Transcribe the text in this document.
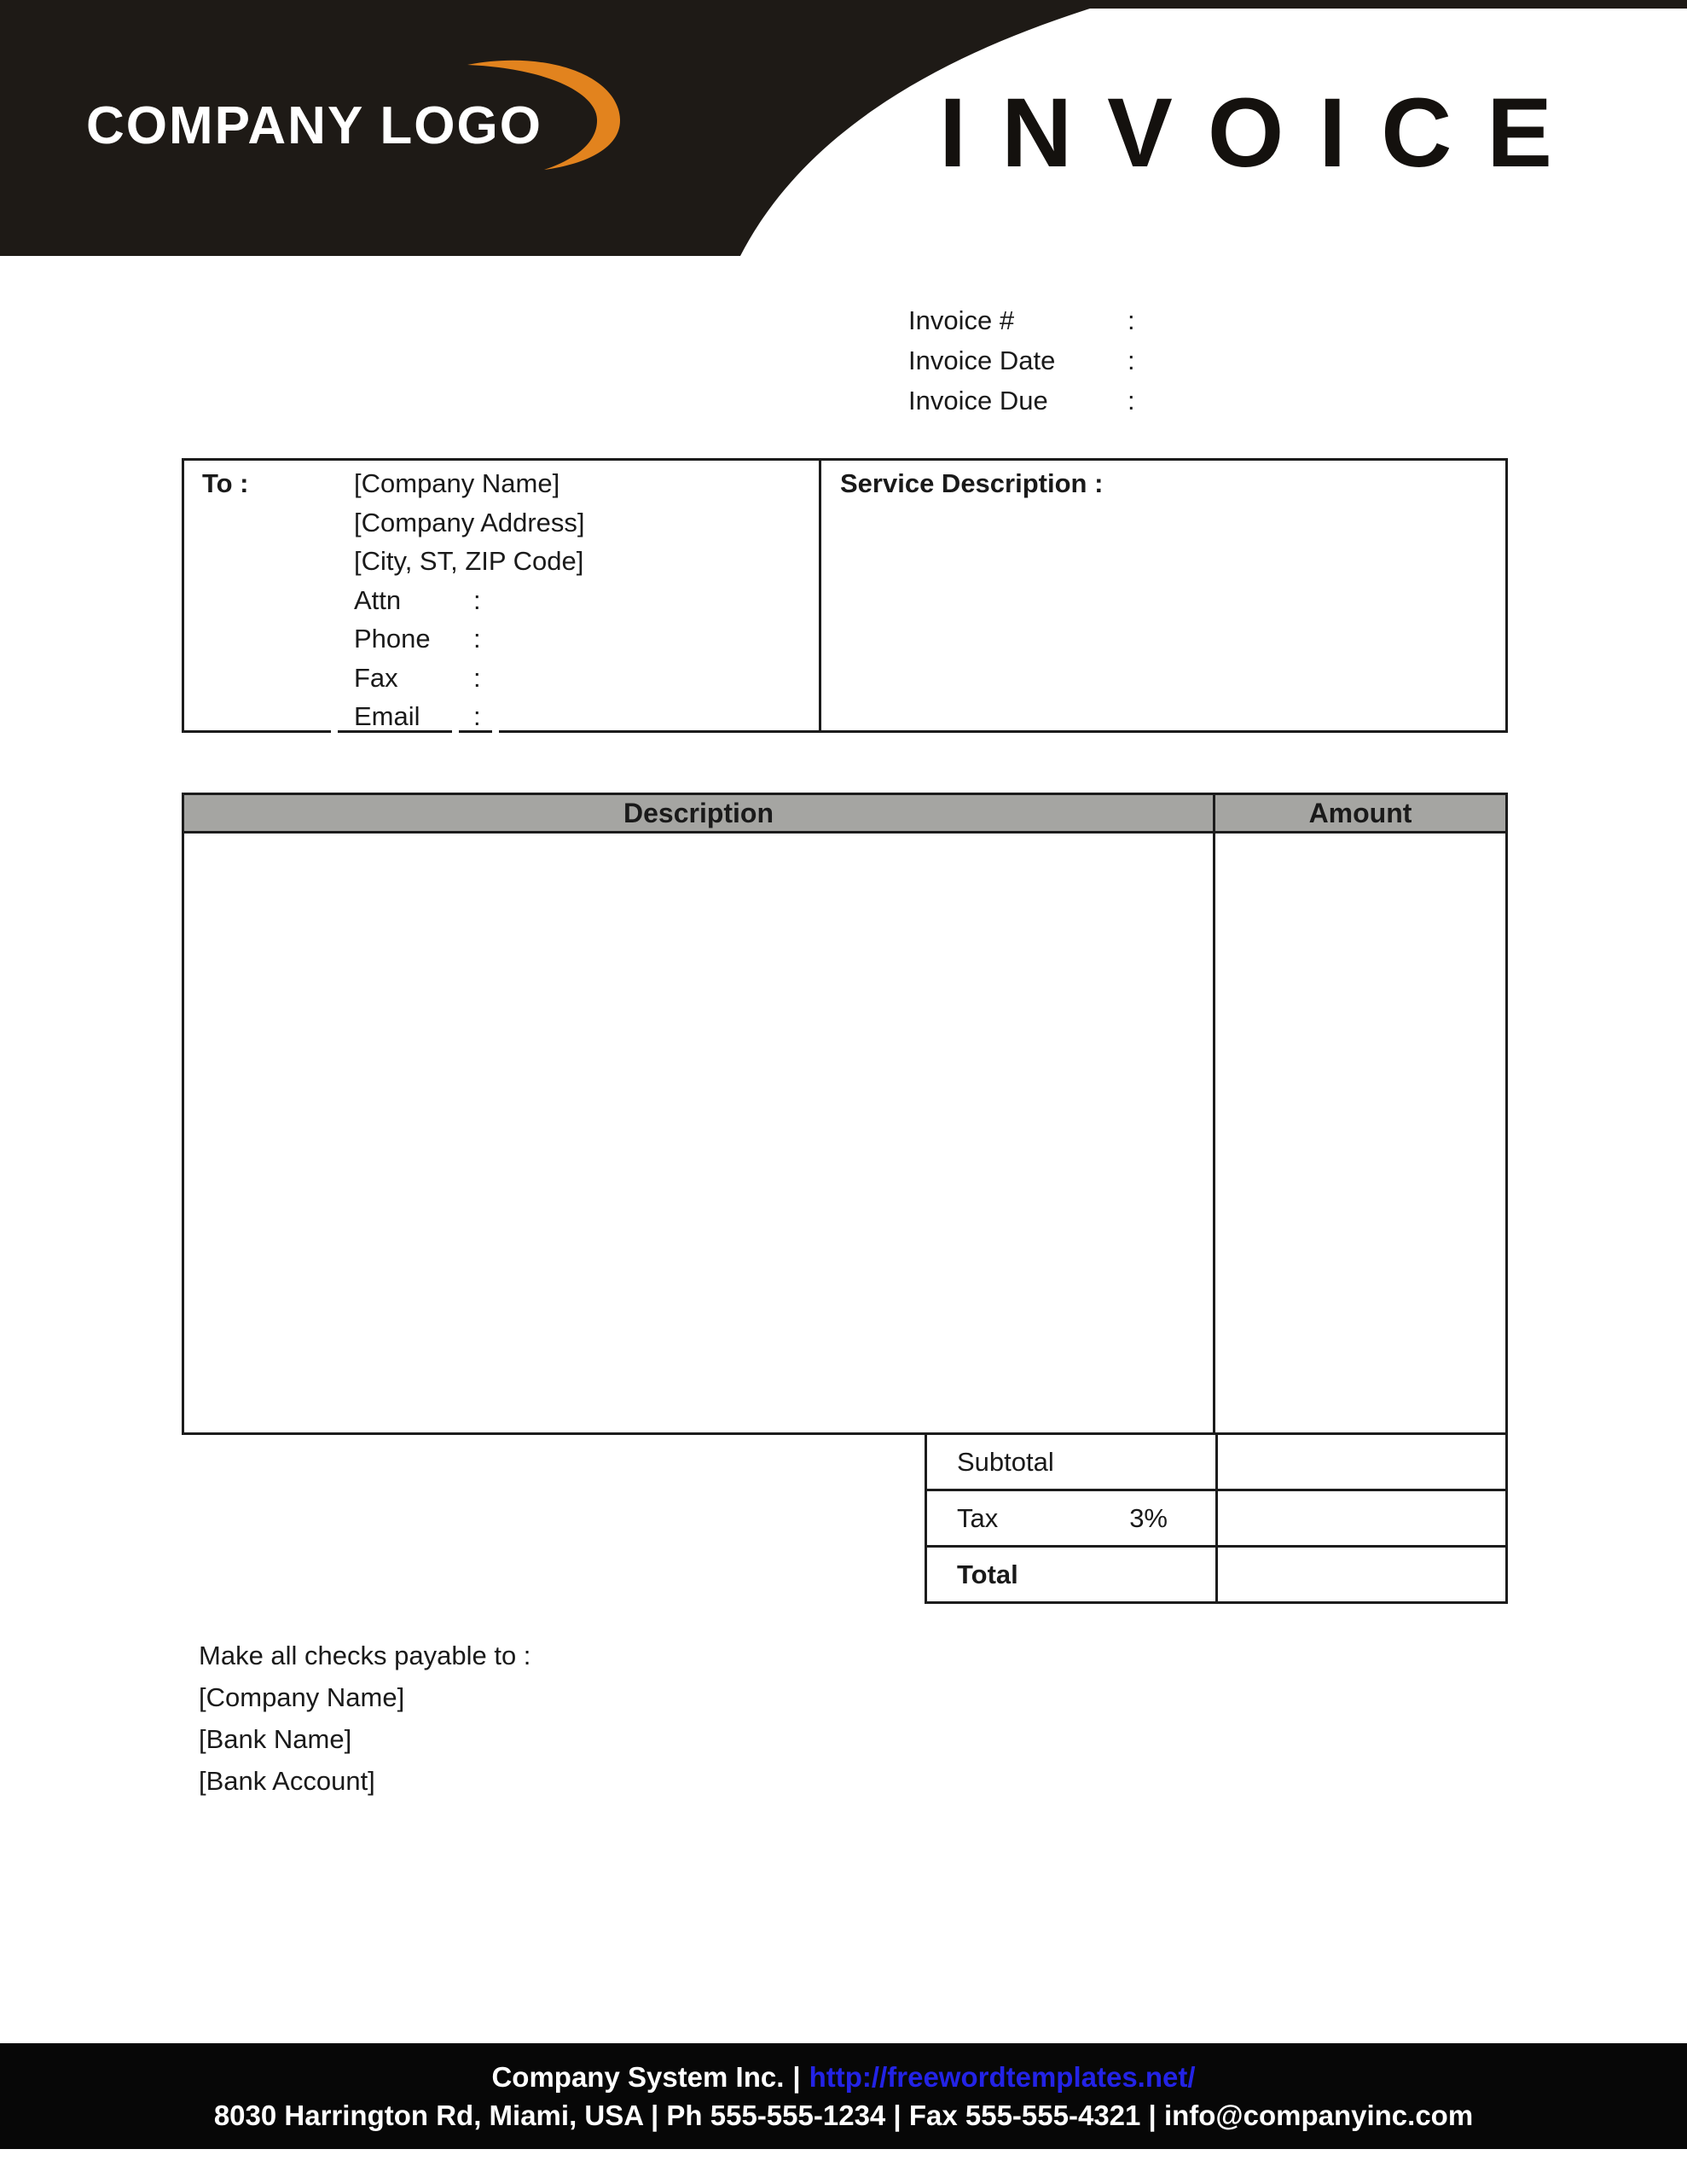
COMPANY LOGO	INVOICE
Invoice #	:
Invoice Date	:
Invoice Due	:
To :	[Company Name]
[Company Address]
[City, ST, ZIP Code]
Attn	:
Phone :
Fax	:
Email :
Service Description :
Description	Amount
Subtotal
Tax	3%
Total
Make all checks payable to :
[Company Name]
[Bank Name]
[Bank Account]
Company System Inc. | http://freewordtemplates.net/
8030 Harrington Rd, Miami, USA | Ph 555-555-1234 | Fax 555-555-4321 | info@companyinc.com
